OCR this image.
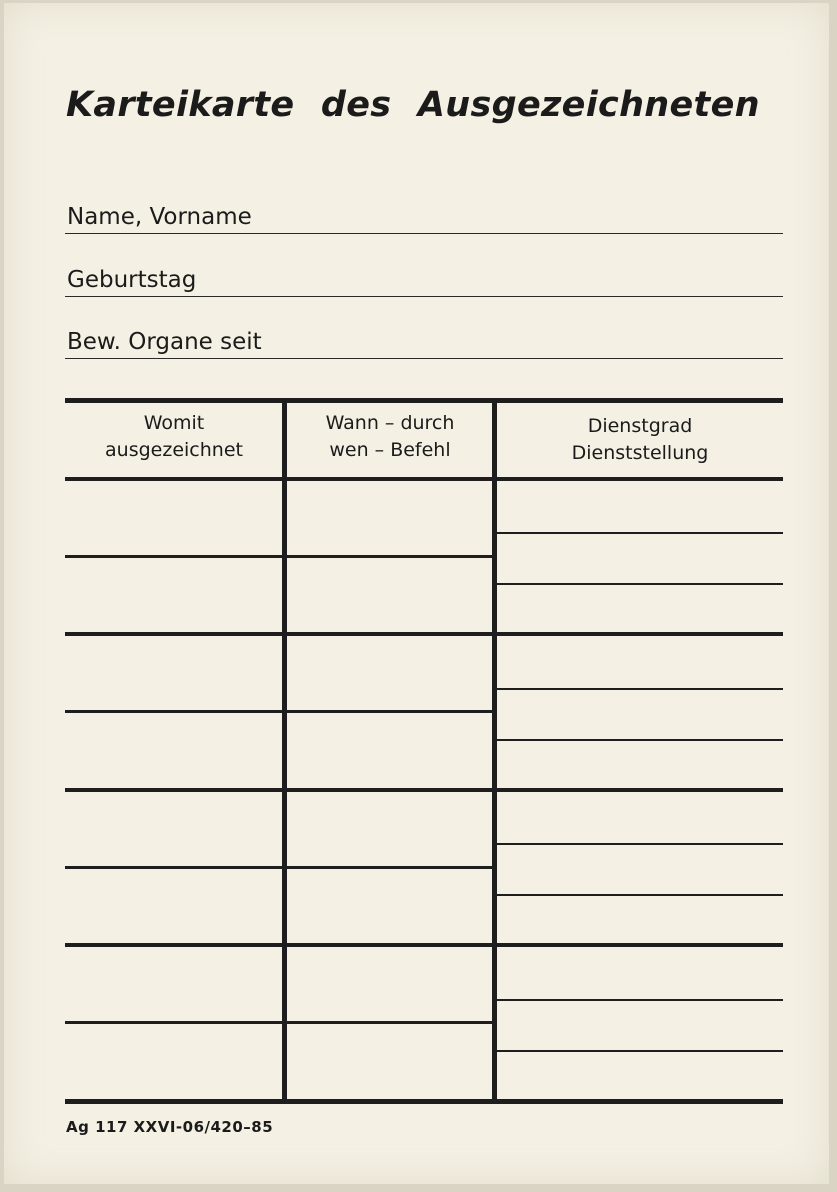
Karteikarte des Ausgezeichneten
Name, Vorname
Geburtstag
Bew. Organe seit
Womit
ausgezeichnet
Wann – durch
wen – Befehl
Dienstgrad
Dienststellung
Ag 117 XXVI-06/420–85
